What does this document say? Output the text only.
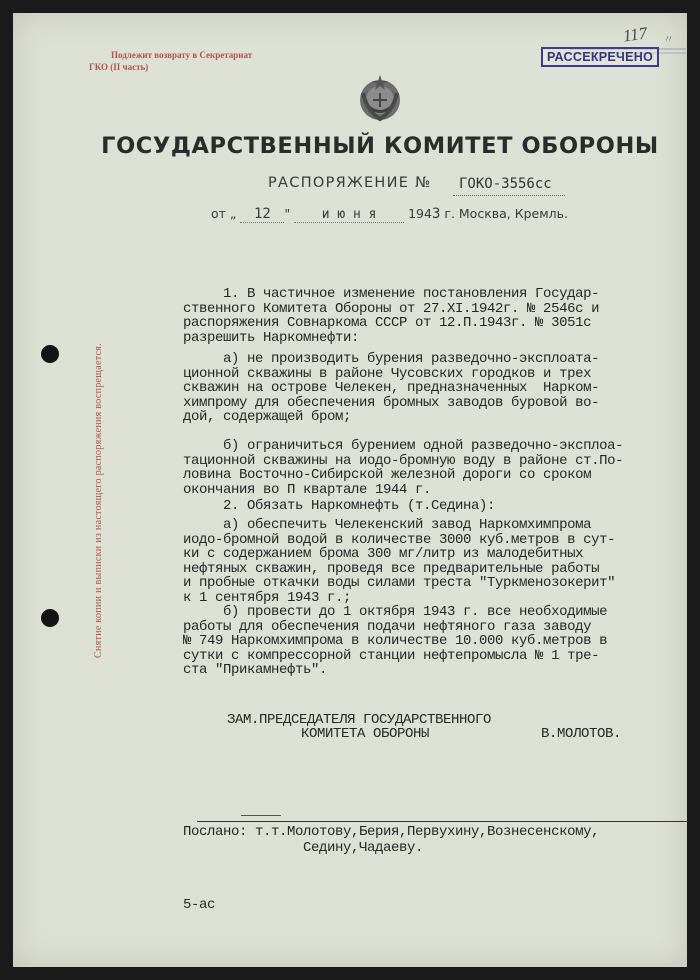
Подлежит возврату в Секретариат
ГКО (II часть)
РАССЕКРЕЧЕНО
117 〃
ГОСУДАРСТВЕННЫЙ КОМИТЕТ ОБОРОНЫ
РАСПОРЯЖЕНИЕ № ГОКО-3556сс
от „ 12 " и ю н я	1943 г. Москва, Кремль.
Снятие копии и выписки из настоящего распоряжения воспрещается.
1. В частичное изменение постановления Государ-
ственного Комитета Обороны от 27.XI.1942г. № 2546с и
распоряжения Совнаркома СССР от 12.П.1943г. № 3051с
разрешить Наркомнефти:
а) не производить бурения разведочно-эксплоата-
ционной скважины в районе Чусовских городков и трех
скважин на острове Челекен, предназначенных  Нарком-
химпрому для обеспечения бромных заводов буровой во-
дой, содержащей бром;
б) ограничиться бурением одной разведочно-эксплоа-
тационной скважины на иодо-бромную воду в районе ст.По-
ловина Восточно-Сибирской железной дороги со сроком
окончания во П квартале 1944 г.
2. Обязать Наркомнефть (т.Седина):
а) обеспечить Челекенский завод Наркомхимпрома
иодо-бромной водой в количестве 3000 куб.метров в сут-
ки с содержанием брома 300 мг/литр из малодебитных
нефтяных скважин, проведя все предварительные работы
и пробные откачки воды силами треста "Туркменозокерит"
к 1 сентября 1943 г.;
б) провести до 1 октября 1943 г. все необходимые
работы для обеспечения подачи нефтяного газа заводу
№ 749 Наркомхимпрома в количестве 10.000 куб.метров в
сутки с компрессорной станции нефтепромысла № 1 тре-
ста "Прикамнефть".
ЗАМ.ПРЕДСЕДАТЕЛЯ ГОСУДАРСТВЕННОГО
КОМИТЕТА ОБОРОНЫ	В.МОЛОТОВ.
Послано: т.т.Молотову,Берия,Первухину,Вознесенскому,
Седину,Чадаеву.
5-ас
